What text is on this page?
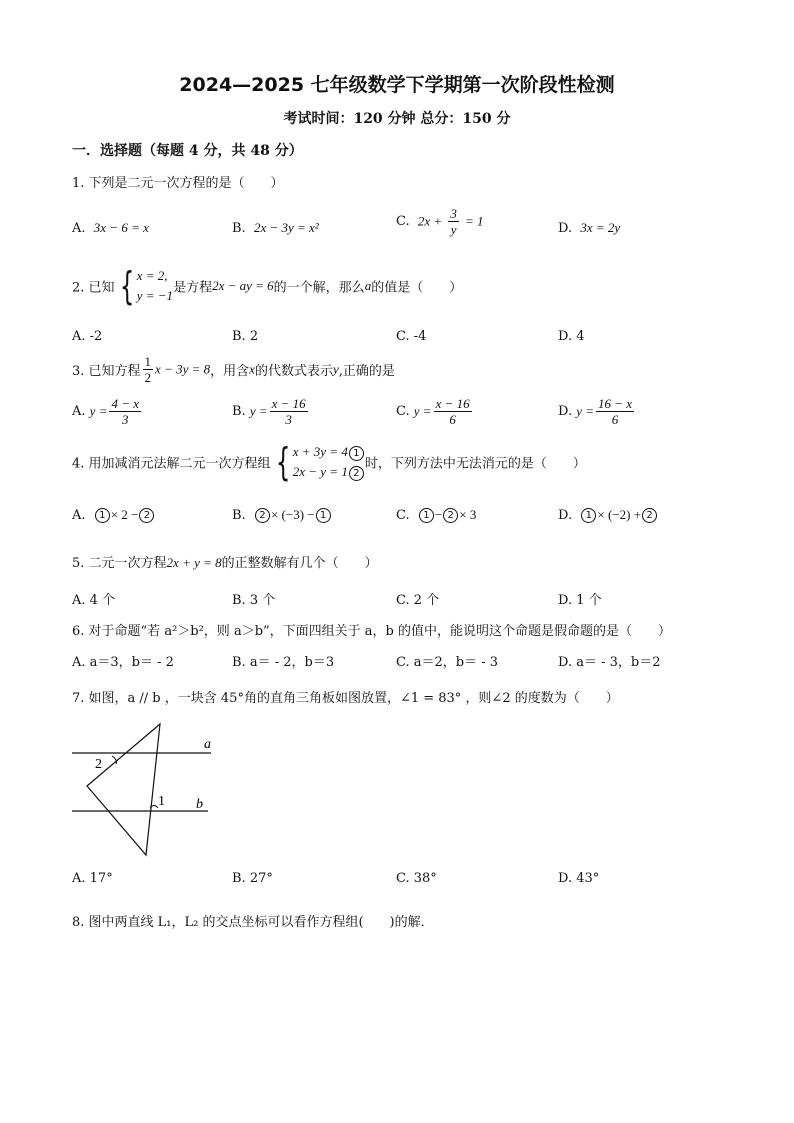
2024—2025 七年级数学下学期第一次阶段性检测
考试时间：120 分钟 总分：150 分
一．选择题（每题 4 分，共 48 分）
1. 下列是二元一次方程的是（　　）
A. 3x − 6 = x	B. 2x − 3y = x²	C. $2x + \frac{3}{y} = 1$	D. 3x = 2y
2. 已知 { x = 2,
y = −1 是方程2x − ay = 6的一个解，那么a的值是（　　）
A. -2	B. 2	C. -4	D. 4
3. 已知方程 $\frac{1}{2}$ x − 3y = 8，用含x的代数式表示y,正确的是
A. $y = \frac{4 - x}{3}$	B. $y = \frac{x - 16}{3}$	C. $y = \frac{x - 16}{6}$	D. $y = \frac{16 - x}{6}$
4. 用加减消元法解二元一次方程组 { x + 3y = 4 1
2x − y = 1 2
时，下列方法中无法消元的是（　　）
A. 1 × 2 − 2	B. 2 × (−3) − 1	C. 1 − 2 × 3	D. 1 × (−2) + 2
5. 二元一次方程2x + y = 8的正整数解有几个（　　）
A. 4 个	B. 3 个	C. 2 个	D. 1 个
6. 对于命题“若 a²＞b²，则 a＞b”，下面四组关于 a，b 的值中，能说明这个命题是假命题的是（　　）
A. a＝3，b＝ - 2	B. a＝ - 2，b＝3	C. a＝2，b＝ - 3	D. a＝ - 3，b＝2
7. 如图，a // b ，一块含 45°角的直角三角板如图放置，∠1 = 83° ，则∠2 的度数为（　　）
a
b
1
2
A. 17°	B. 27°	C. 38°	D. 43°
8. 图中两直线 L₁，L₂ 的交点坐标可以看作方程组(　　)的解．
